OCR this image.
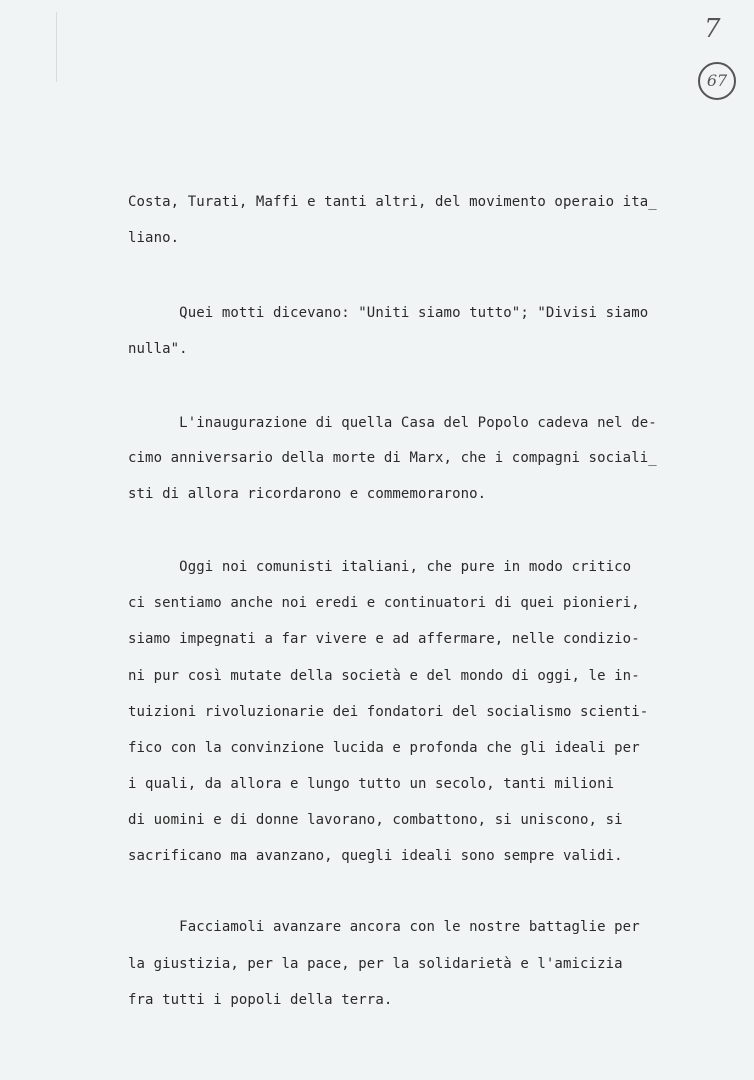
7
67
Costa, Turati, Maffi e tanti altri, del movimento operaio ita_
liano.
Quei motti dicevano: "Uniti siamo tutto"; "Divisi siamo
nulla".
L'inaugurazione di quella Casa del Popolo cadeva nel de-
cimo anniversario della morte di Marx, che i compagni sociali_
sti di allora ricordarono e commemorarono.
Oggi noi comunisti italiani, che pure in modo critico
ci sentiamo anche noi eredi e continuatori di quei pionieri,
siamo impegnati a far vivere e ad affermare, nelle condizio-
ni pur così mutate della società e del mondo di oggi, le in-
tuizioni rivoluzionarie dei fondatori del socialismo scienti-
fico con la convinzione lucida e profonda che gli ideali per
i quali, da allora e lungo tutto un secolo, tanti milioni
di uomini e di donne lavorano, combattono, si uniscono, si
sacrificano ma avanzano, quegli ideali sono sempre validi.
Facciamoli avanzare ancora con le nostre battaglie per
la giustizia, per la pace, per la solidarietà e l'amicizia
fra tutti i popoli della terra.
